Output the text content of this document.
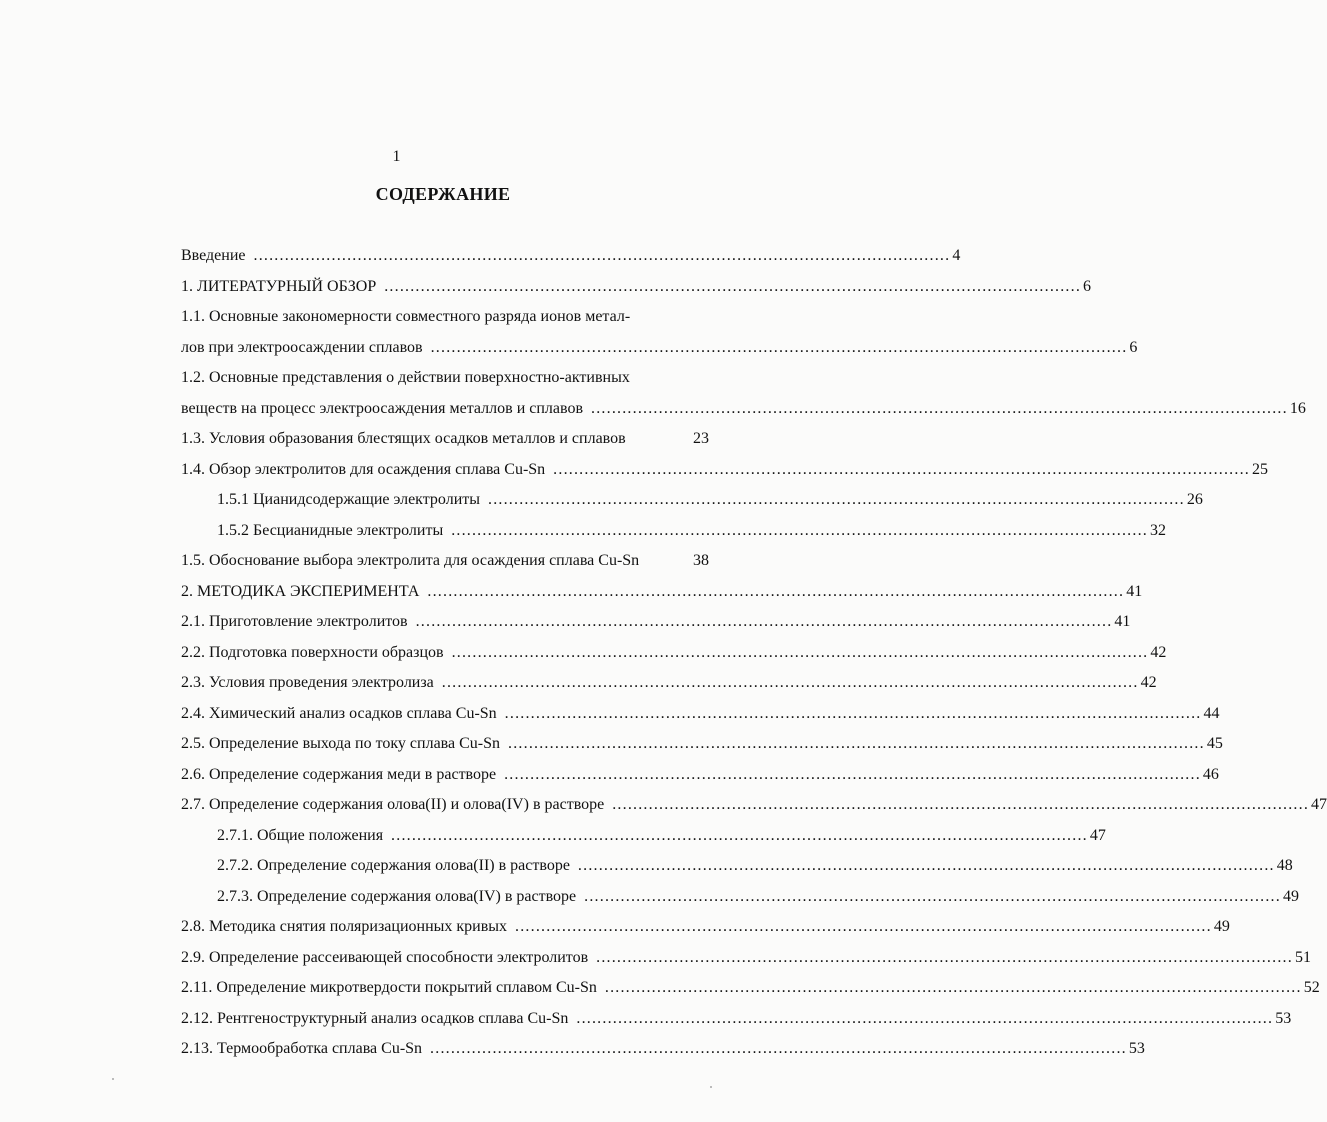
1
СОДЕРЖАНИЕ
Введение .....	4
1. ЛИТЕРАТУРНЫЙ ОБЗОР .....	6
1.1. Основные закономерности совместного разряда ионов метал-
лов при электроосаждении сплавов .....	6
1.2. Основные представления о действии поверхностно-активных
веществ на процесс электроосаждения металлов и сплавов .....	16
1.3. Условия образования блестящих осадков металлов и сплавов	23
1.4. Обзор электролитов для осаждения сплава Cu-Sn .....	25
1.5.1 Цианидсодержащие электролиты .....	26
1.5.2 Бесцианидные электролиты .....	32
1.5. Обоснование выбора электролита для осаждения сплава Cu-Sn	38
2. МЕТОДИКА ЭКСПЕРИМЕНТА .....	41
2.1. Приготовление электролитов .....	41
2.2. Подготовка поверхности образцов .....	42
2.3. Условия проведения электролиза .....	42
2.4. Химический анализ осадков сплава Cu-Sn .....	44
2.5. Определение выхода по току сплава Cu-Sn .....	45
2.6. Определение содержания меди в растворе .....	46
2.7. Определение содержания олова(II) и олова(IV) в растворе .....	47
2.7.1. Общие положения .....	47
2.7.2. Определение содержания олова(II) в растворе .....	48
2.7.3. Определение содержания олова(IV) в растворе .....	49
2.8. Методика снятия поляризационных кривых .....	49
2.9. Определение рассеивающей способности электролитов .....	51
2.11. Определение микротвердости покрытий сплавом Cu-Sn .....	52
2.12. Рентгеноструктурный анализ осадков сплава Cu-Sn .....	53
2.13. Термообработка сплава Cu-Sn .....	53
